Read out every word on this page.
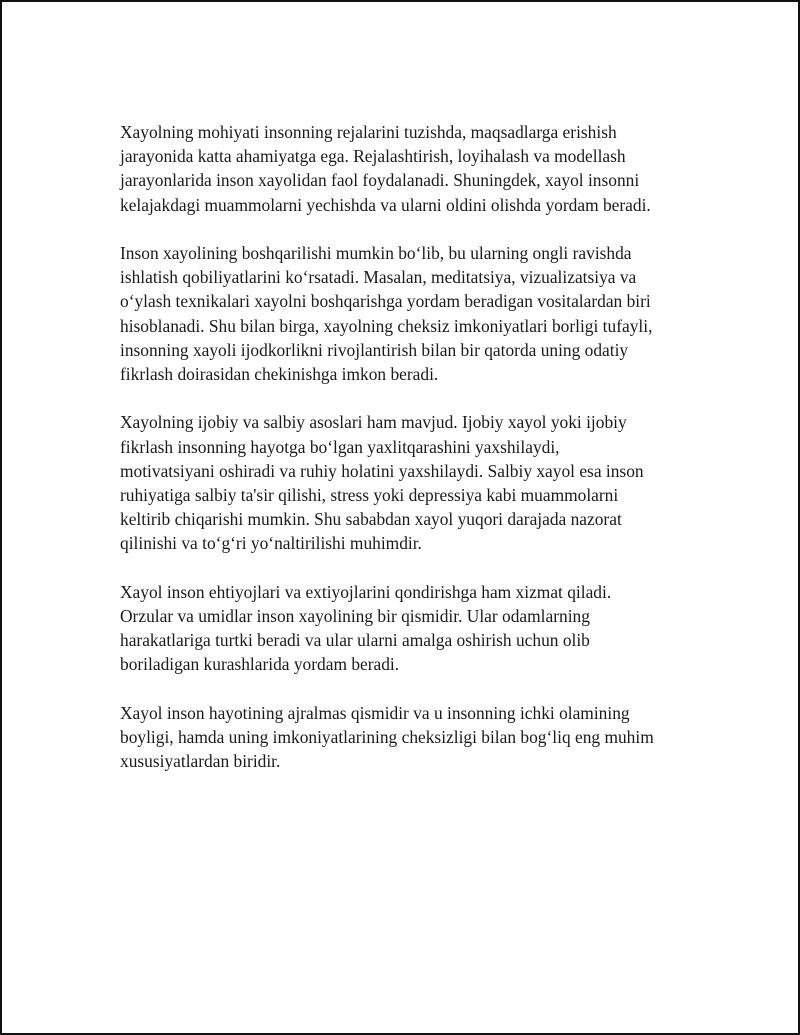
Xayolning mohiyati insonning rejalarini tuzishda, maqsadlarga erishish
jarayonida katta ahamiyatga ega. Rejalashtirish, loyihalash va modellash
jarayonlarida inson xayolidan faol foydalanadi. Shuningdek, xayol insonni
kelajakdagi muammolarni yechishda va ularni oldini olishda yordam beradi.

Inson xayolining boshqarilishi mumkin bo‘lib, bu ularning ongli ravishda
ishlatish qobiliyatlarini ko‘rsatadi. Masalan, meditatsiya, vizualizatsiya va
o‘ylash texnikalari xayolni boshqarishga yordam beradigan vositalardan biri
hisoblanadi. Shu bilan birga, xayolning cheksiz imkoniyatlari borligi tufayli,
insonning xayoli ijodkorlikni rivojlantirish bilan bir qatorda uning odatiy
fikrlash doirasidan chekinishga imkon beradi.

Xayolning ijobiy va salbiy asoslari ham mavjud. Ijobiy xayol yoki ijobiy
fikrlash insonning hayotga bo‘lgan yaxlitqarashini yaxshilaydi,
motivatsiyani oshiradi va ruhiy holatini yaxshilaydi. Salbiy xayol esa inson
ruhiyatiga salbiy ta'sir qilishi, stress yoki depressiya kabi muammolarni
keltirib chiqarishi mumkin. Shu sababdan xayol yuqori darajada nazorat
qilinishi va to‘g‘ri yo‘naltirilishi muhimdir.

Xayol inson ehtiyojlari va extiyojlarini qondirishga ham xizmat qiladi.
Orzular va umidlar inson xayolining bir qismidir. Ular odamlarning
harakatlariga turtki beradi va ular ularni amalga oshirish uchun olib
boriladigan kurashlarida yordam beradi.

Xayol inson hayotining ajralmas qismidir va u insonning ichki olamining
boyligi, hamda uning imkoniyatlarining cheksizligi bilan bog‘liq eng muhim
xususiyatlardan biridir.
